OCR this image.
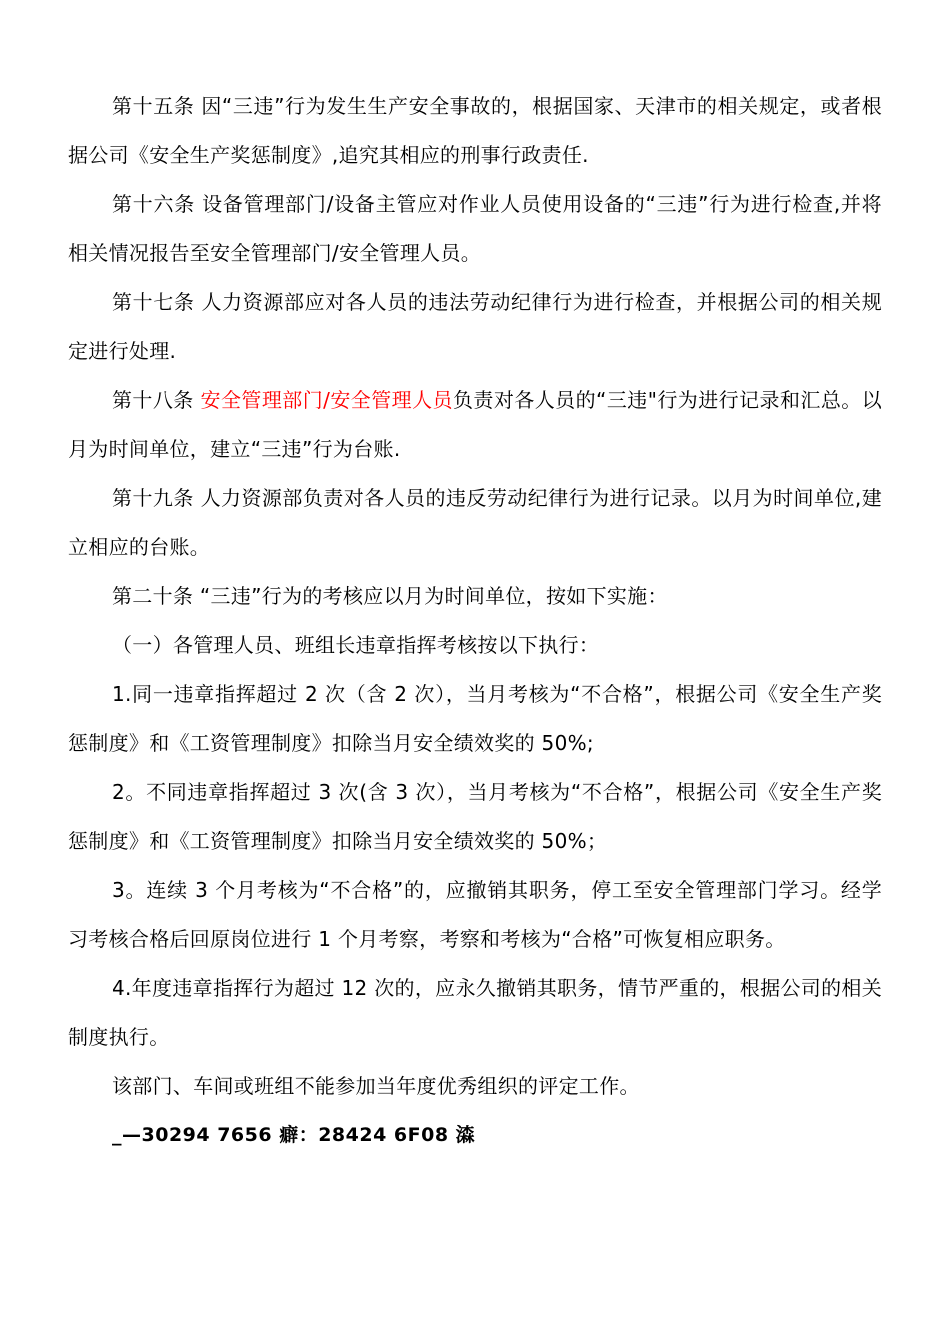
第十五条 因“三违”行为发生生产安全事故的，根据国家、天津市的相关规定，或者根据公司《安全生产奖惩制度》,追究其相应的刑事行政责任.

第十六条 设备管理部门/设备主管应对作业人员使用设备的“三违”行为进行检查,并将相关情况报告至安全管理部门/安全管理人员。

第十七条 人力资源部应对各人员的违法劳动纪律行为进行检查，并根据公司的相关规定进行处理.

第十八条 安全管理部门/安全管理人员负责对各人员的“三违"行为进行记录和汇总。以月为时间单位，建立“三违”行为台账.

第十九条 人力资源部负责对各人员的违反劳动纪律行为进行记录。以月为时间单位,建立相应的台账。

第二十条 “三违”行为的考核应以月为时间单位，按如下实施：

（一）各管理人员、班组长违章指挥考核按以下执行：

1.同一违章指挥超过 2 次（含 2 次），当月考核为“不合格”，根据公司《安全生产奖惩制度》和《工资管理制度》扣除当月安全绩效奖的 50%;

2。不同违章指挥超过 3 次(含 3 次），当月考核为“不合格”，根据公司《安全生产奖惩制度》和《工资管理制度》扣除当月安全绩效奖的 50%；

3。连续 3 个月考核为“不合格”的，应撤销其职务，停工至安全管理部门学习。经学习考核合格后回原岗位进行 1 个月考察，考察和考核为“合格”可恢复相应职务。

4.年度违章指挥行为超过 12 次的，应永久撤销其职务，情节严重的，根据公司的相关制度执行。

该部门、车间或班组不能参加当年度优秀组织的评定工作。

_—30294 7656 癖：28424 6F08 潹
